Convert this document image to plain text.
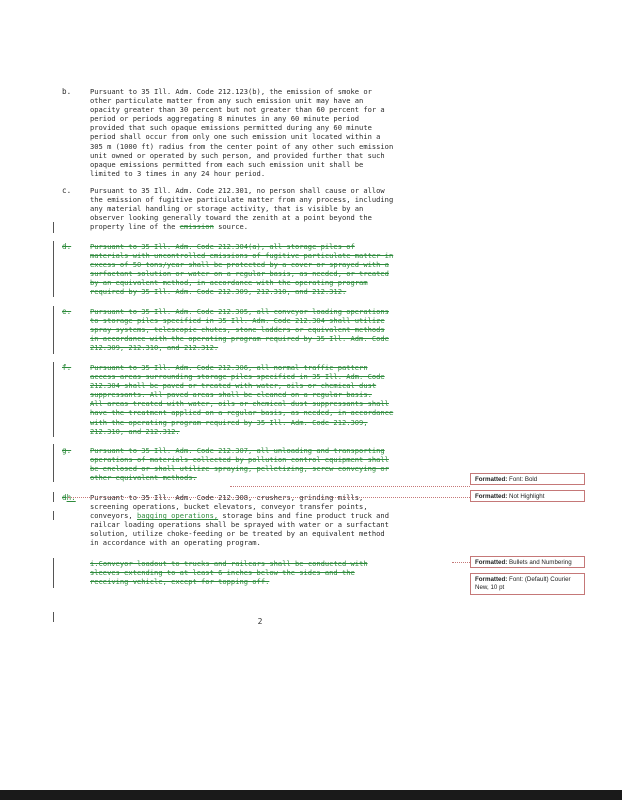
b.	Pursuant to 35 Ill. Adm. Code 212.123(b), the emission of smoke or
other particulate matter from any such emission unit may have an
opacity greater than 30 percent but not greater than 60 percent for a
period or periods aggregating 8 minutes in any 60 minute period
provided that such opaque emissions permitted during any 60 minute
period shall occur from only one such emission unit located within a
305 m (1000 ft) radius from the center point of any other such emission
unit owned or operated by such person, and provided further that such
opaque emissions permitted from each such emission unit shall be
limited to 3 times in any 24 hour period.
c.	Pursuant to 35 Ill. Adm. Code 212.301, no person shall cause or allow
the emission of fugitive particulate matter from any process, including
any material handling or storage activity, that is visible by an
observer looking generally toward the zenith at a point beyond the
property line of the emission source.
d.	Pursuant to 35 Ill. Adm. Code 212.304(a), all storage piles of
materials with uncontrolled emissions of fugitive particulate matter in
excess of 50 tons/year shall be protected by a cover or sprayed with a
surfactant solution or water on a regular basis, as needed, or treated
by an equivalent method, in accordance with the operating program
required by 35 Ill. Adm. Code 212.309, 212.310, and 212.312.
e.	Pursuant to 35 Ill. Adm. Code 212.305, all conveyor loading operations
to storage piles specified in 35 Ill. Adm. Code 212.304 shall utilize
spray systems, telescopic chutes, stone ladders or equivalent methods
in accordance with the operating program required by 35 Ill. Adm. Code
212.309, 212.310, and 212.312.
f.	Pursuant to 35 Ill. Adm. Code 212.306, all normal traffic pattern
access areas surrounding storage piles specified in 35 Ill. Adm. Code
212.304 shall be paved or treated with water, oils or chemical dust
suppressants. All paved areas shall be cleaned on a regular basis.
All areas treated with water, oils or chemical dust suppressants shall
have the treatment applied on a regular basis, as needed, in accordance
with the operating program required by 35 Ill. Adm. Code 212.309,
212.310, and 212.312.
g.	Pursuant to 35 Ill. Adm. Code 212.307, all unloading and transporting
operations of materials collected by pollution control equipment shall
be enclosed or shall utilize spraying, pelletizing, screw conveying or
other equivalent methods.
dh. Pursuant to 35 Ill. Adm. Code 212.308, crushers, grinding mills,
screening operations, bucket elevators, conveyor transfer points,
conveyors, bagging operations, storage bins and fine product truck and
railcar loading operations shall be sprayed with water or a surfactant
solution, utilize choke-feeding or be treated by an equivalent method
in accordance with an operating program.
i.Conveyor loadout to trucks and railcars shall be conducted with
sleeves extending to at least 6 inches below the sides and the
receiving vehicle, except for topping off.
Formatted: Font: Bold
Formatted: Not Highlight
Formatted: Bullets and Numbering
Formatted: Font: (Default) Courier New, 10 pt
2
